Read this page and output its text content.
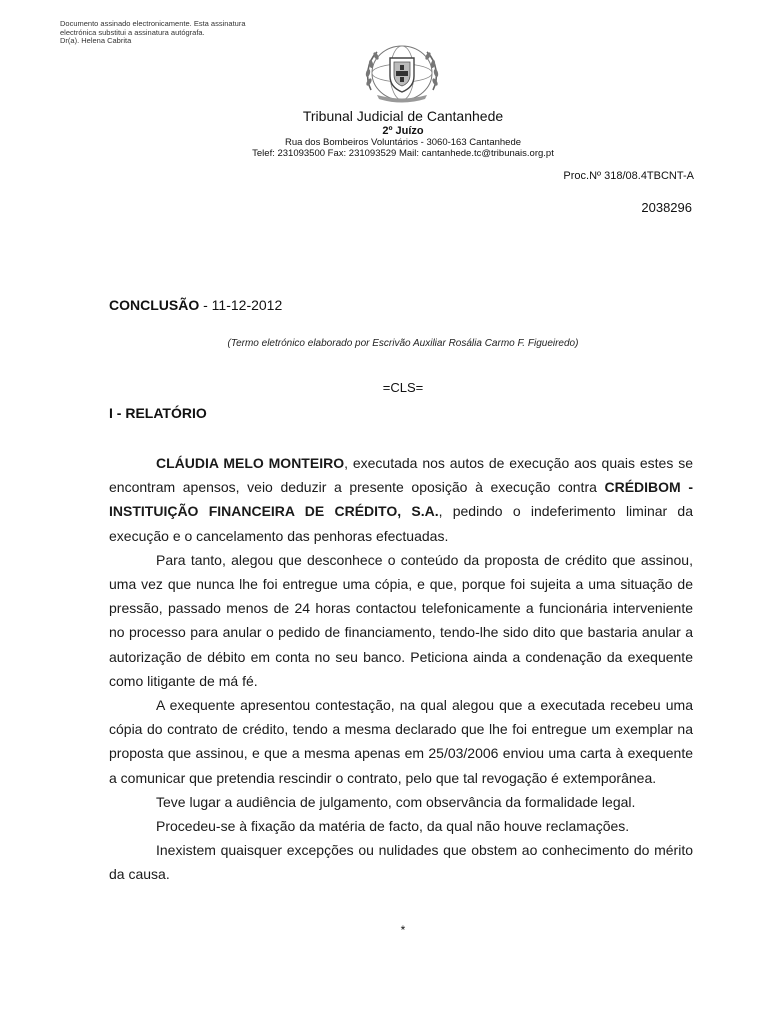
Documento assinado electronicamente. Esta assinatura
electrónica substitui a assinatura autógrafa.
Dr(a). Helena Cabrita
Tribunal Judicial de Cantanhede
2º Juízo
Rua dos Bombeiros Voluntários - 3060-163 Cantanhede
Telef: 231093500 Fax: 231093529 Mail: cantanhede.tc@tribunais.org.pt
Proc.Nº 318/08.4TBCNT-A
2038296
CONCLUSÃO - 11-12-2012
(Termo eletrónico elaborado por Escrivão Auxiliar Rosália Carmo F. Figueiredo)
=CLS=
I - RELATÓRIO

CLÁUDIA MELO MONTEIRO, executada nos autos de execução aos quais estes se encontram apensos, veio deduzir a presente oposição à execução contra CRÉDIBOM - INSTITUIÇÃO FINANCEIRA DE CRÉDITO, S.A., pedindo o indeferimento liminar da execução e o cancelamento das penhoras efectuadas.

Para tanto, alegou que desconhece o conteúdo da proposta de crédito que assinou, uma vez que nunca lhe foi entregue uma cópia, e que, porque foi sujeita a uma situação de pressão, passado menos de 24 horas contactou telefonicamente a funcionária interveniente no processo para anular o pedido de financiamento, tendo-lhe sido dito que bastaria anular a autorização de débito em conta no seu banco. Peticiona ainda a condenação da exequente como litigante de má fé.

A exequente apresentou contestação, na qual alegou que a executada recebeu uma cópia do contrato de crédito, tendo a mesma declarado que lhe foi entregue um exemplar na proposta que assinou, e que a mesma apenas em 25/03/2006 enviou uma carta à exequente a comunicar que pretendia rescindir o contrato, pelo que tal revogação é extemporânea.

Teve lugar a audiência de julgamento, com observância da formalidade legal.

Procedeu-se à fixação da matéria de facto, da qual não houve reclamações.

Inexistem quaisquer excepções ou nulidades que obstem ao conhecimento do mérito da causa.

*
